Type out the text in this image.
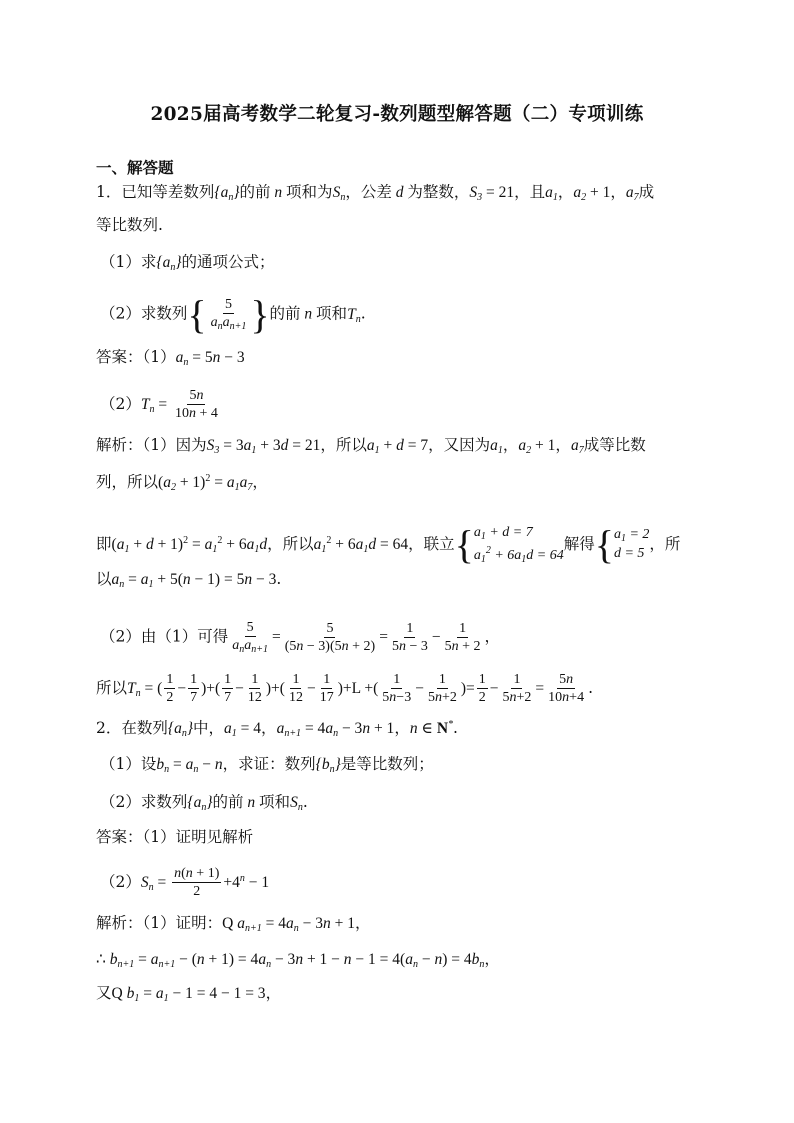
2025届高考数学二轮复习-数列题型解答题（二）专项训练
一、解答题
1．已知等差数列$\{a_n\}$的前 n 项和为$S_n$，公差 d 为整数，$S_3 = 21$，且$a_1$，$a_2 + 1$，$a_7$成
等比数列.
（1）求$\{a_n\}$的通项公式；
（2）求数列{ $\frac{5}{a_na_{n+1}}$ }的前 n 项和$T_n$.
答案：$(1)a_n = 5n - 3$
$(2)T_n = \frac{5n}{10n + 4}$
解析：（1）因为$S_3 = 3a_1 + 3d = 21$，所以$a_1 + d = 7$，又因为$a_1$，$a_2 + 1$，$a_7$成等比数
列，所以$(a_2 + 1)^2 = a_1a_7$，
即$(a_1 + d + 1)^2 = a_1^2 + 6a_1d$，所以$a_1^2 + 6a_1d = 64$，联立{ $a_1 + d = 7$
$a_1^2 + 6a_1d = 64$
解得{ $a_1 = 2$
d = 5
，所
以$a_n = a_1 + 5(n - 1) = 5n - 3$.
（2）由（1）可得 $\frac{5}{a_na_{n+1}} = \frac{5}{(5n - 3)(5n + 2)} = \frac{1}{5n - 3} - \frac{1}{5n + 2}$ ，
所以$T_n$ = ( $\frac{1}{2} - \frac{1}{7}$ )+( $\frac{1}{7} - \frac{1}{12}$ )+( $\frac{1}{12} - \frac{1}{17} )+L$ +( $\frac{1}{5n-3} - \frac{1}{5n+2}$ )= $\frac{1}{2} - \frac{1}{5n+2} = \frac{5n}{10n+4}$ .
2．在数列$\{a_n\}$中，$a_1 = 4$，$a_{n+1} = 4a_n - 3n + 1$，n ∈ N*.
（1）设$b_n = a_n - n$，求证：数列$\{b_n\}$是等比数列；
（2）求数列$\{a_n\}$的前 n 项和$S_n$.
答案：（1）证明见解析
$(2)S_n = \frac{n(n + 1)}{2} +4^n - 1$
解析：（1）证明：Q $a_{n+1} = 4a_n - 3n + 1$，
∴ $b_{n+1} = a_{n+1} - (n + 1) = 4a_n - 3n + 1 - n - 1 = 4(a_n - n) = 4b_n$，
又Q $b_1 = a_1 - 1 = 4 - 1 = 3$，
